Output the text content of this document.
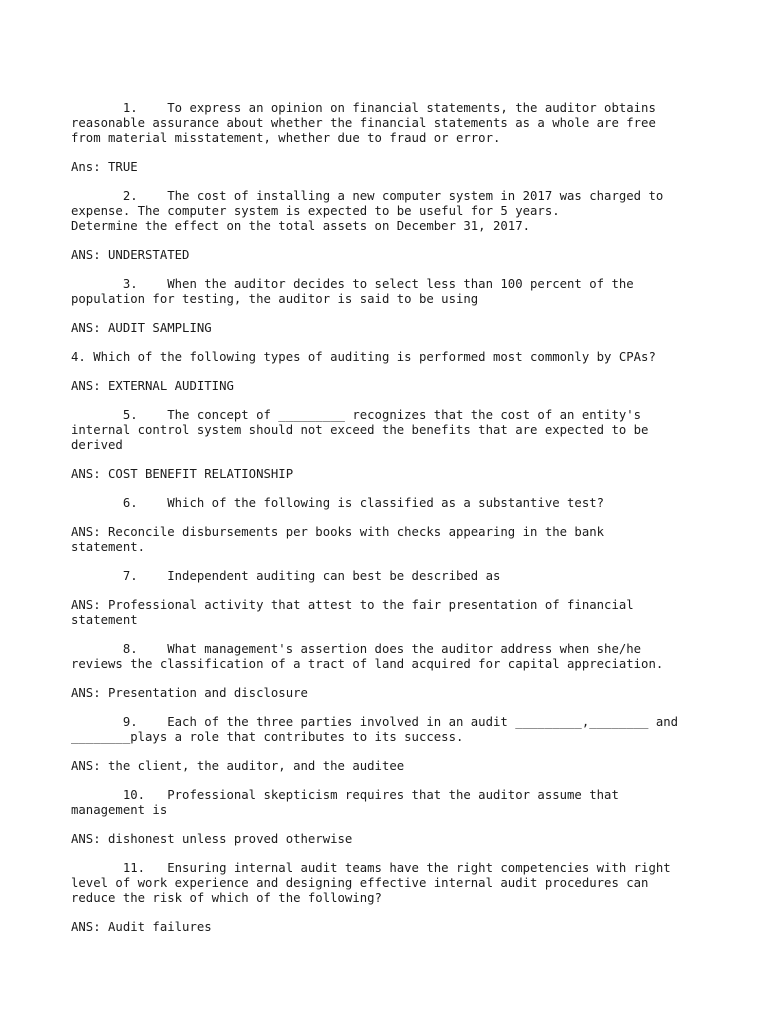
1.    To express an opinion on financial statements, the auditor obtains
reasonable assurance about whether the financial statements as a whole are free
from material misstatement, whether due to fraud or error.
Ans: TRUE
2.    The cost of installing a new computer system in 2017 was charged to
expense. The computer system is expected to be useful for 5 years.
Determine the effect on the total assets on December 31, 2017.
ANS: UNDERSTATED
3.    When the auditor decides to select less than 100 percent of the
population for testing, the auditor is said to be using
ANS: AUDIT SAMPLING
4. Which of the following types of auditing is performed most commonly by CPAs?
ANS: EXTERNAL AUDITING
5.    The concept of _________ recognizes that the cost of an entity's
internal control system should not exceed the benefits that are expected to be
derived
ANS: COST BENEFIT RELATIONSHIP
6.    Which of the following is classified as a substantive test?
ANS: Reconcile disbursements per books with checks appearing in the bank
statement.
7.    Independent auditing can best be described as
ANS: Professional activity that attest to the fair presentation of financial
statement
8.    What management's assertion does the auditor address when she/he
reviews the classification of a tract of land acquired for capital appreciation.
ANS: Presentation and disclosure
9.    Each of the three parties involved in an audit _________,________ and
________plays a role that contributes to its success.
ANS: the client, the auditor, and the auditee
10.   Professional skepticism requires that the auditor assume that
management is
ANS: dishonest unless proved otherwise
11.   Ensuring internal audit teams have the right competencies with right
level of work experience and designing effective internal audit procedures can
reduce the risk of which of the following?
ANS: Audit failures
